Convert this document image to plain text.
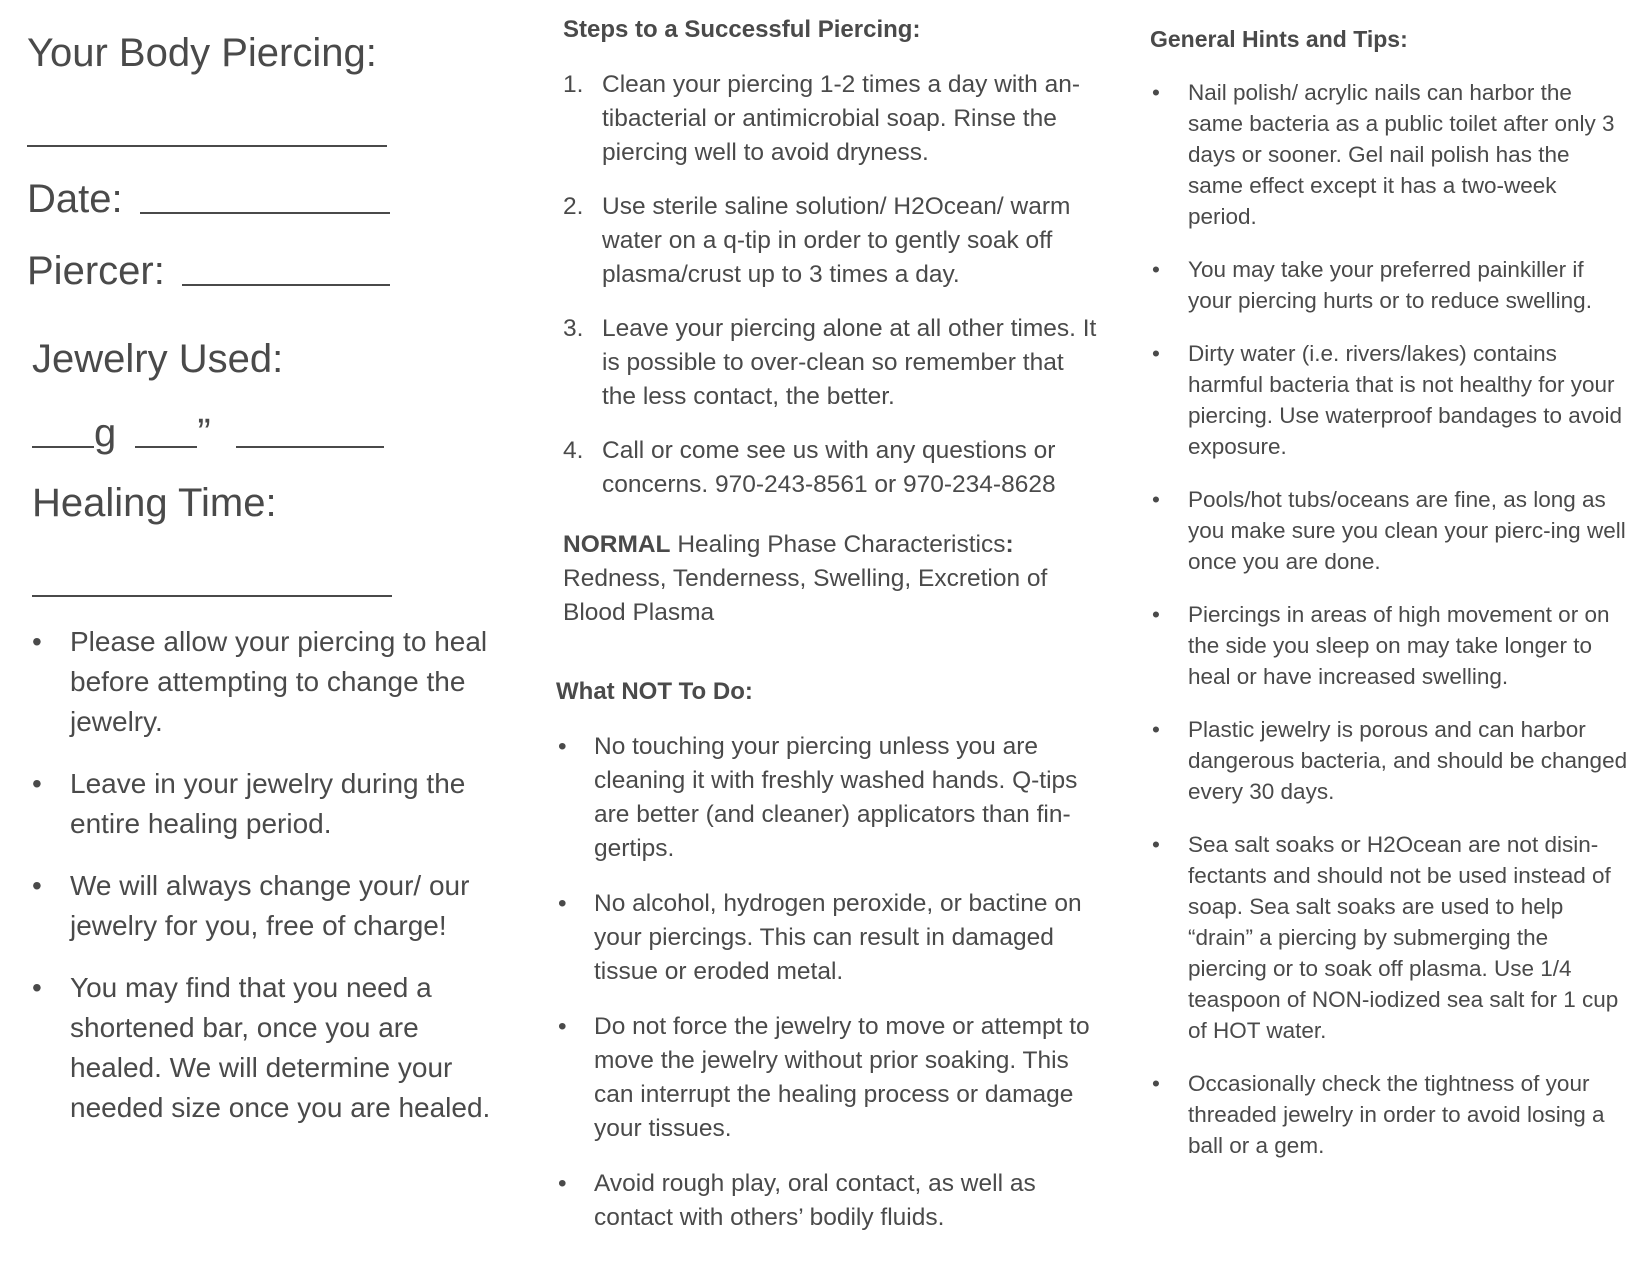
Your Body Piercing:
Date:
Piercer:
Jewelry Used:
g ”
Healing Time:
• Please allow your piercing to heal before attempting to change the jewelry.
• Leave in your jewelry during the entire healing period.
• We will always change your/ our jewelry for you, free of charge!
• You may find that you need a shortened bar, once you are healed. We will determine your needed size once you are healed.
Steps to a Successful Piercing:
1. Clean your piercing 1-2 times a day with an-tibacterial or antimicrobial soap. Rinse the piercing well to avoid dryness.
2. Use sterile saline solution/ H2Ocean/ warm water on a q-tip in order to gently soak off plasma/crust up to 3 times a day.
3. Leave your piercing alone at all other times. It is possible to over-clean so remember that the less contact, the better.
4. Call or come see us with any questions or concerns. 970-243-8561 or 970-234-8628
NORMAL Healing Phase Characteristics:
Redness, Tenderness, Swelling, Excretion of Blood Plasma
What NOT To Do:
• No touching your piercing unless you are cleaning it with freshly washed hands. Q-tips are better (and cleaner) applicators than fin-gertips.
• No alcohol, hydrogen peroxide, or bactine on your piercings. This can result in damaged tissue or eroded metal.
• Do not force the jewelry to move or attempt to move the jewelry without prior soaking. This can interrupt the healing process or damage your tissues.
• Avoid rough play, oral contact, as well as contact with others’ bodily fluids.
General Hints and Tips:
• Nail polish/ acrylic nails can harbor the same bacteria as a public toilet after only 3 days or sooner. Gel nail polish has the same effect except it has a two-week period.
• You may take your preferred painkiller if your piercing hurts or to reduce swelling.
• Dirty water (i.e. rivers/lakes) contains harmful bacteria that is not healthy for your piercing. Use waterproof bandages to avoid exposure.
• Pools/hot tubs/oceans are fine, as long as you make sure you clean your pierc-ing well once you are done.
• Piercings in areas of high movement or on the side you sleep on may take longer to heal or have increased swelling.
• Plastic jewelry is porous and can harbor dangerous bacteria, and should be changed every 30 days.
• Sea salt soaks or H2Ocean are not disin-fectants and should not be used instead of soap. Sea salt soaks are used to help “drain” a piercing by submerging the piercing or to soak off plasma. Use 1/4 teaspoon of NON-iodized sea salt for 1 cup of HOT water.
• Occasionally check the tightness of your threaded jewelry in order to avoid losing a ball or a gem.
